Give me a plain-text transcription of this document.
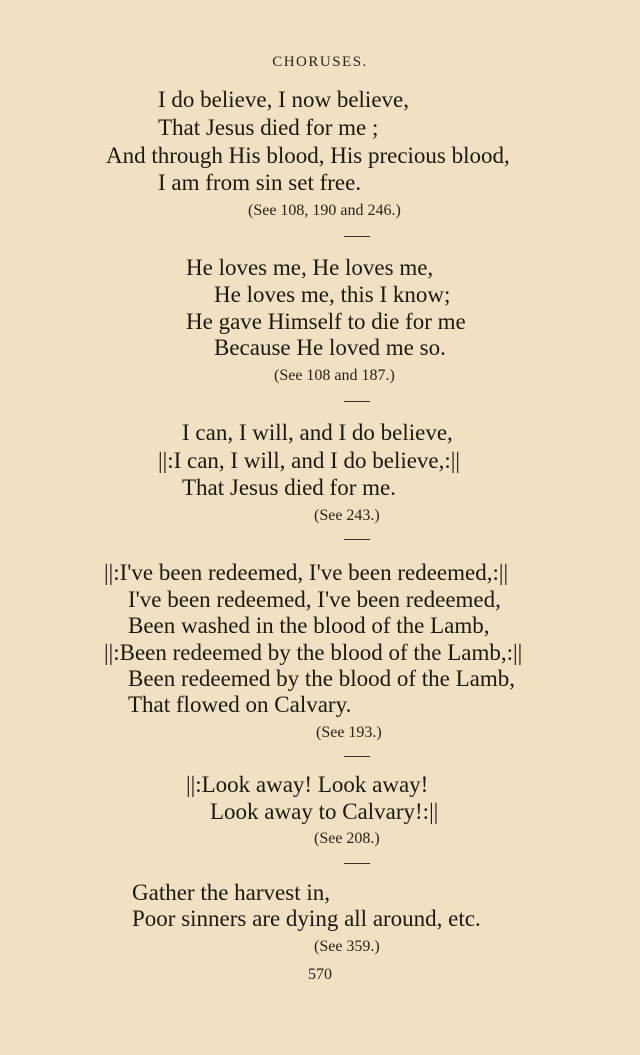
CHORUSES.
I do believe, I now believe,
That Jesus died for me ;
And through His blood, His precious blood,
I am from sin set free.
(See 108, 190 and 246.)
He loves me, He loves me,
He loves me, this I know;
He gave Himself to die for me
Because He loved me so.
(See 108 and 187.)
I can, I will, and I do believe,
||:I can, I will, and I do believe,:||
That Jesus died for me.
(See 243.)
||:I've been redeemed, I've been redeemed,:||
I've been redeemed, I've been redeemed,
Been washed in the blood of the Lamb,
||:Been redeemed by the blood of the Lamb,:||
Been redeemed by the blood of the Lamb,
That flowed on Calvary.
(See 193.)
||:Look away! Look away!
Look away to Calvary!:||
(See 208.)
Gather the harvest in,
Poor sinners are dying all around, etc.
(See 359.)
570
